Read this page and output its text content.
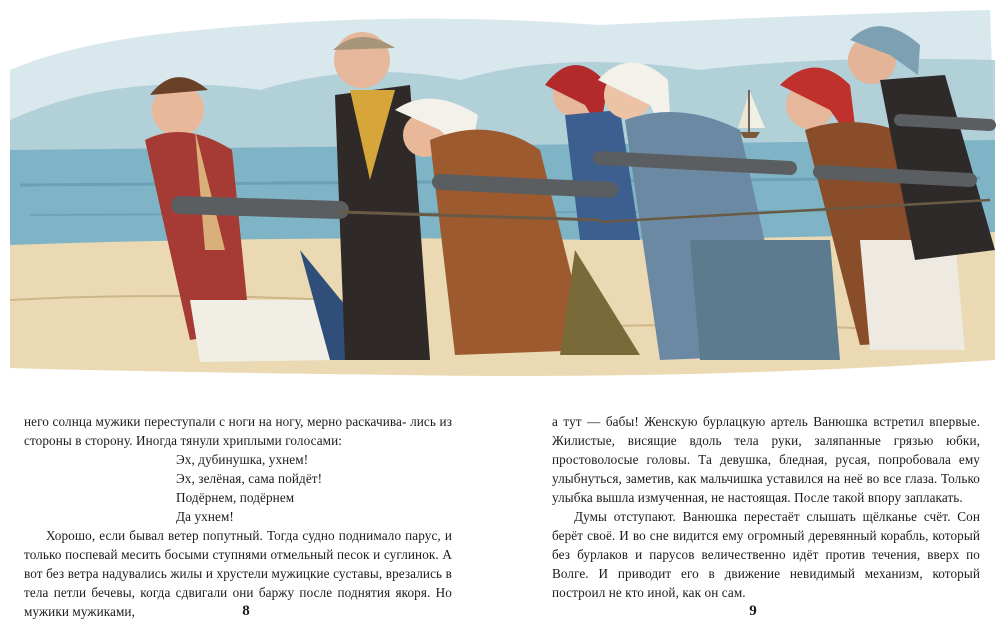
него солнца мужики переступали с ноги на ногу, мерно раскачива- лись из стороны в сторону. Иногда тянули хриплыми голосами:

Эх, дубинушка, ухнем!
Эх, зелёная, сама пойдёт!
Подёрнем, подёрнем
Да ухнем!

Хорошо, если бывал ветер попутный. Тогда судно поднимало парус, и только поспевай месить босыми ступнями отмельный песок и суглинок. А вот без ветра надувались жилы и хрустели мужицкие суставы, врезались в тела петли бечевы, когда сдвигали они баржу после поднятия якоря. Но мужики мужиками,

а тут — бабы! Женскую бурлацкую артель Ванюшка встретил впервые. Жилистые, висящие вдоль тела руки, заляпанные грязью юбки, простоволосые головы. Та девушка, бледная, русая, попробовала ему улыбнуться, заметив, как мальчишка уставился на неё во все глаза. Только улыбка вышла измученная, не настоящая. После такой впору заплакать.

Думы отступают. Ванюшка перестаёт слышать щёлканье счёт. Сон берёт своё. И во сне видится ему огромный деревянный корабль, который без бурлаков и парусов величественно идёт против течения, вверх по Волге. И приводит его в движение невидимый механизм, который построил не кто иной, как он сам.

8	9
